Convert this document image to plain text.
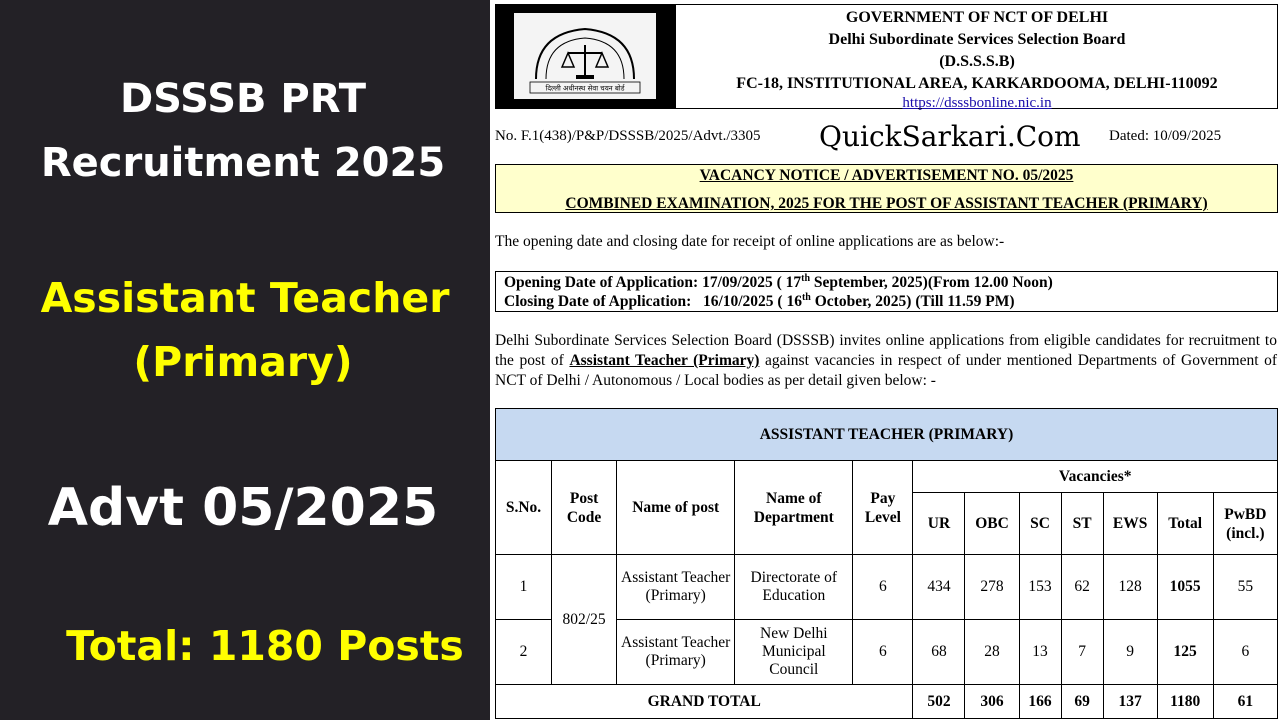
DSSSB PRT
Recruitment 2025
Assistant Teacher
(Primary)
Advt 05/2025
Total: 1180 Posts
दिल्ली अधीनस्थ सेवा चयन बोर्ड
GOVERNMENT OF NCT OF DELHI
Delhi Subordinate Services Selection Board
(D.S.S.S.B)
FC-18, INSTITUTIONAL AREA, KARKARDOOMA, DELHI-110092
https://dsssbonline.nic.in
No. F.1(438)/P&P/DSSSB/2025/Advt./3305 QuickSarkari.Com Dated: 10/09/2025
VACANCY NOTICE / ADVERTISEMENT NO. 05/2025
COMBINED EXAMINATION, 2025 FOR THE POST OF ASSISTANT TEACHER (PRIMARY)
The opening date and closing date for receipt of online applications are as below:-
Opening Date of Application: 17/09/2025 ( 17th September, 2025)(From 12.00 Noon)
Closing Date of Application:   16/10/2025 ( 16th October, 2025) (Till 11.59 PM)
Delhi Subordinate Services Selection Board (DSSSB) invites online applications from eligible candidates for recruitment to the post of Assistant Teacher (Primary) against vacancies in respect of under mentioned Departments of Government of NCT of Delhi / Autonomous / Local bodies as per detail given below: -
ASSISTANT TEACHER (PRIMARY)											
S.No.	Post Code	Name of post	Name of Department	Pay Level	Vacancies*						
					UR	OBC	SC	ST	EWS	Total	PwBD (incl.)
1	802/25	Assistant Teacher (Primary)	Directorate of Education	6	434	278	153	62	128	1055	55
2		Assistant Teacher (Primary)	New Delhi Municipal Council	6	68	28	13	7	9	125	6
GRAND TOTAL					502	306	166	69	137	1180	61
